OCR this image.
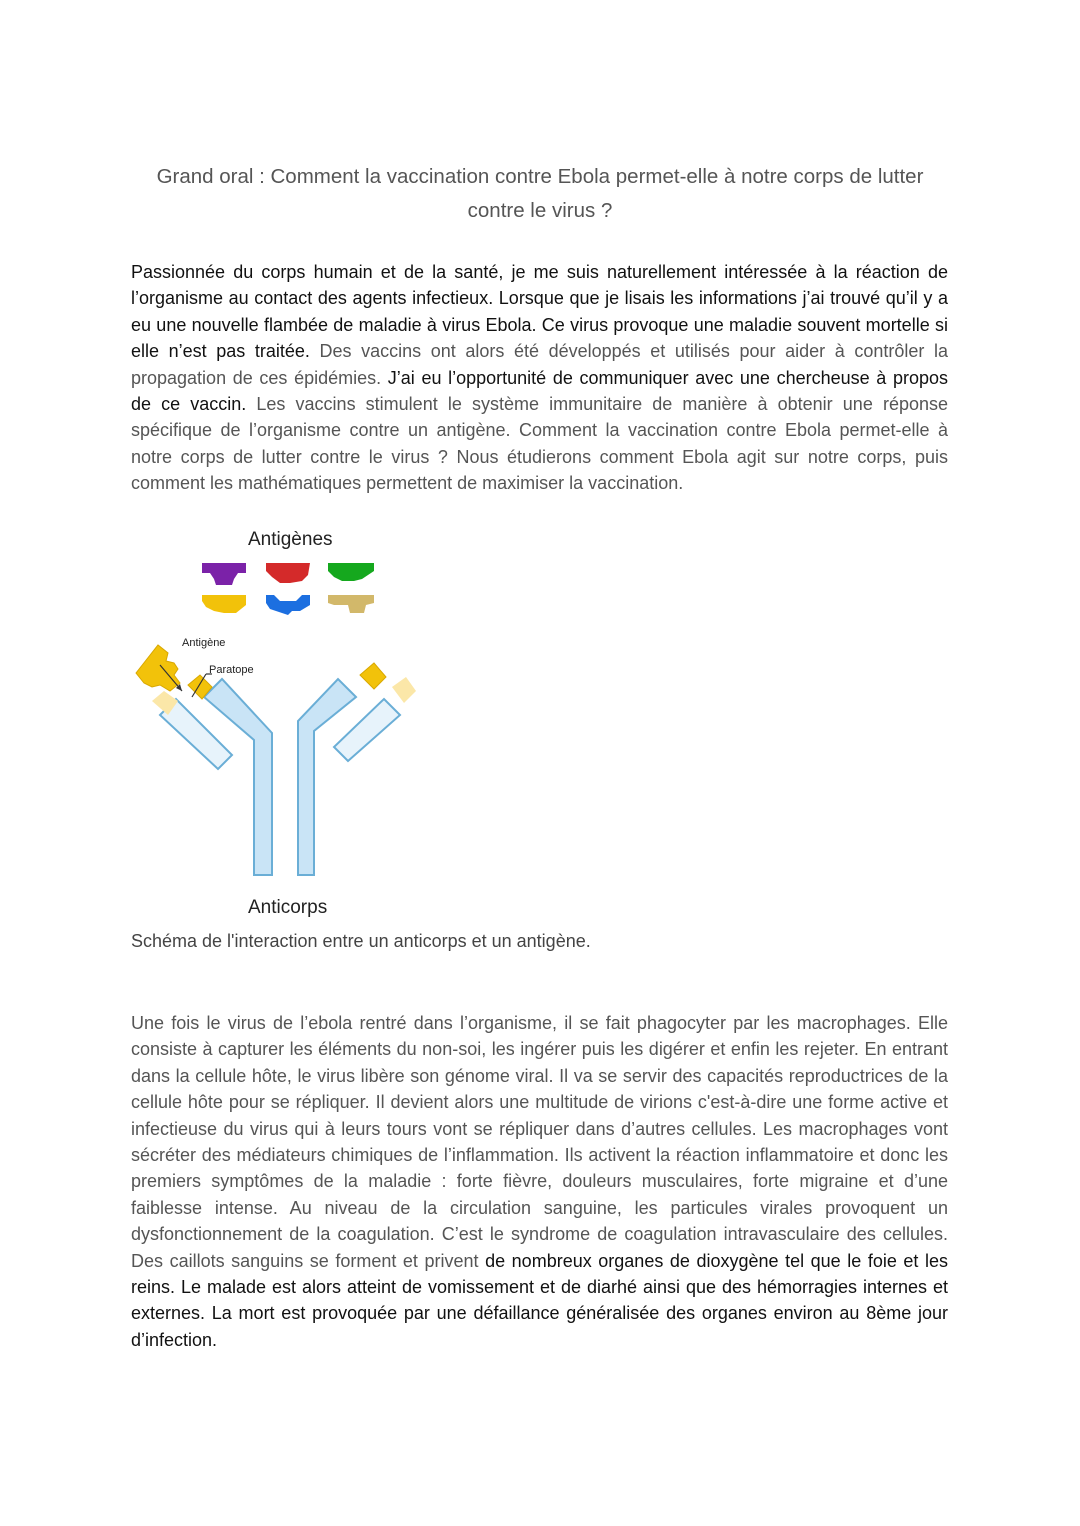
Grand oral : Comment la vaccination contre Ebola permet-elle à notre corps de lutter contre le virus ?
Passionnée du corps humain et de la santé, je me suis naturellement intéressée à la réaction de l’organisme au contact des agents infectieux. Lorsque que je lisais les informations j’ai trouvé qu’il y a eu une nouvelle flambée de maladie à virus Ebola. Ce virus provoque une maladie souvent mortelle si elle n’est pas traitée. Des vaccins ont alors été développés et utilisés pour aider à contrôler la propagation de ces épidémies. J’ai eu l’opportunité de communiquer avec une chercheuse à propos de ce vaccin. Les vaccins stimulent le système immunitaire de manière à obtenir une réponse spécifique de l’organisme contre un antigène. Comment la vaccination contre Ebola permet-elle à notre corps de lutter contre le virus ? Nous étudierons comment Ebola agit sur notre corps, puis comment les mathématiques permettent de maximiser la vaccination.
Antigènes
Antigène
Paratope
Anticorps
Schéma de l'interaction entre un anticorps et un antigène.
Une fois le virus de l’ebola rentré dans l’organisme, il se fait phagocyter par les macrophages. Elle consiste à capturer les éléments du non-soi, les ingérer puis les digérer et enfin les rejeter. En entrant dans la cellule hôte, le virus libère son génome viral. Il va se servir des capacités reproductrices de la cellule hôte pour se répliquer. Il devient alors une multitude de virions c'est-à-dire une forme active et infectieuse du virus qui à leurs tours vont se répliquer dans d’autres cellules. Les macrophages vont sécréter des médiateurs chimiques de l’inflammation. Ils activent la réaction inflammatoire et donc les premiers symptômes de la maladie : forte fièvre, douleurs musculaires, forte migraine et d’une faiblesse intense. Au niveau de la circulation sanguine, les particules virales provoquent un dysfonctionnement de la coagulation. C’est le syndrome de coagulation intravasculaire des cellules. Des caillots sanguins se forment et privent de nombreux organes de dioxygène tel que le foie et les reins. Le malade est alors atteint de vomissement et de diarhé ainsi que des hémorragies internes et externes. La mort est provoquée par une défaillance généralisée des organes environ au 8ème jour d’infection.
